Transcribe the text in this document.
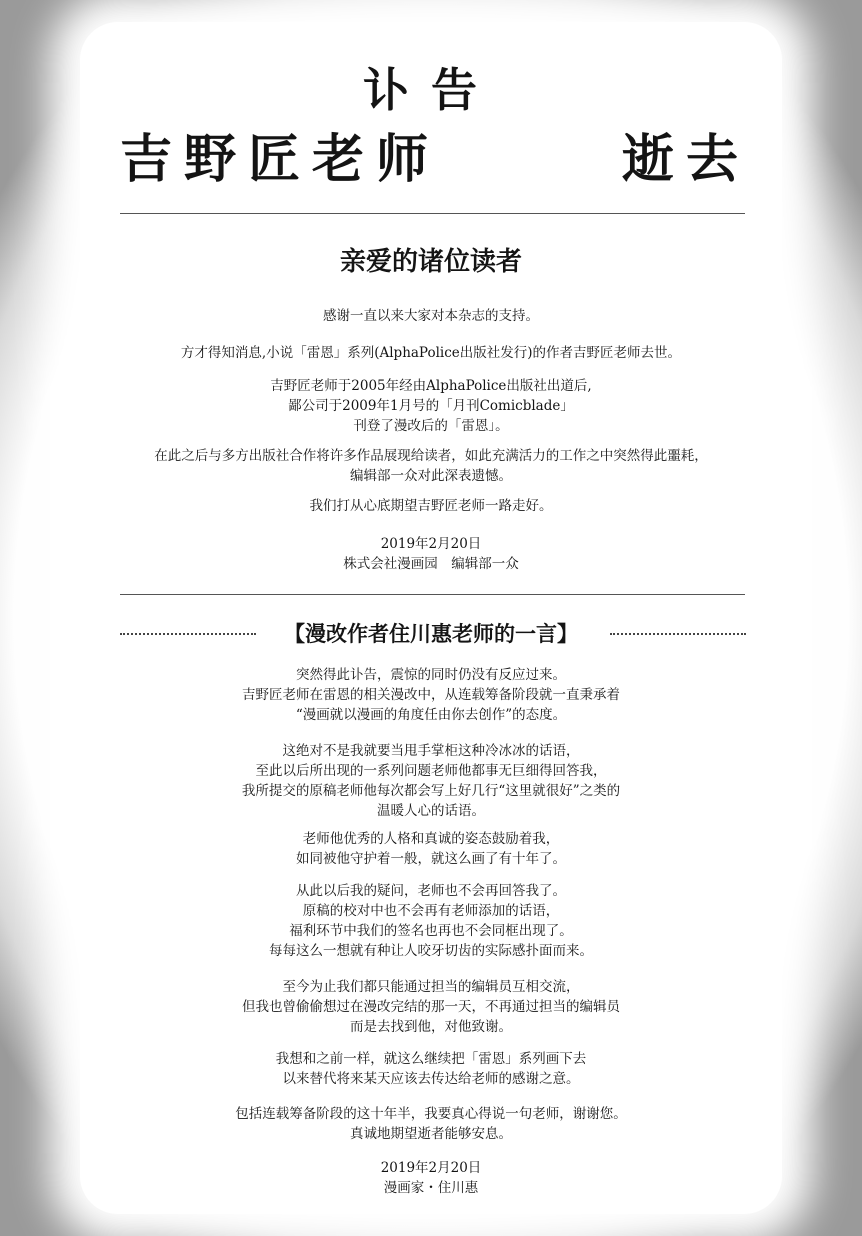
讣告
吉野匠老师	逝去
亲爱的诸位读者
感谢一直以来大家对本杂志的支持。
方才得知消息,小说「雷恩」系列(AlphaPolice出版社发行)的作者吉野匠老师去世。
吉野匠老师于2005年经由AlphaPolice出版社出道后,
鄙公司于2009年1月号的「月刊Comicblade」
刊登了漫改后的「雷恩」。
在此之后与多方出版社合作将许多作品展现给读者，如此充满活力的工作之中突然得此噩耗，
编辑部一众对此深表遗憾。
我们打从心底期望吉野匠老师一路走好。
2019年2月20日
株式会社漫画园　编辑部一众
【漫改作者住川惠老师的一言】
突然得此讣告，震惊的同时仍没有反应过来。
吉野匠老师在雷恩的相关漫改中，从连载筹备阶段就一直秉承着
“漫画就以漫画的角度任由你去创作”的态度。
这绝对不是我就要当甩手掌柜这种冷冰冰的话语，
至此以后所出现的一系列问题老师他都事无巨细得回答我，
我所提交的原稿老师他每次都会写上好几行“这里就很好”之类的
温暖人心的话语。
老师他优秀的人格和真诚的姿态鼓励着我，
如同被他守护着一般，就这么画了有十年了。
从此以后我的疑问，老师也不会再回答我了。
原稿的校对中也不会再有老师添加的话语，
福利环节中我们的签名也再也不会同框出现了。
每每这么一想就有种让人咬牙切齿的实际感扑面而来。
至今为止我们都只能通过担当的编辑员互相交流，
但我也曾偷偷想过在漫改完结的那一天，不再通过担当的编辑员
而是去找到他，对他致谢。
我想和之前一样，就这么继续把「雷恩」系列画下去
以来替代将来某天应该去传达给老师的感谢之意。
包括连载筹备阶段的这十年半，我要真心得说一句老师，谢谢您。
真诚地期望逝者能够安息。
2019年2月20日
漫画家・住川惠
